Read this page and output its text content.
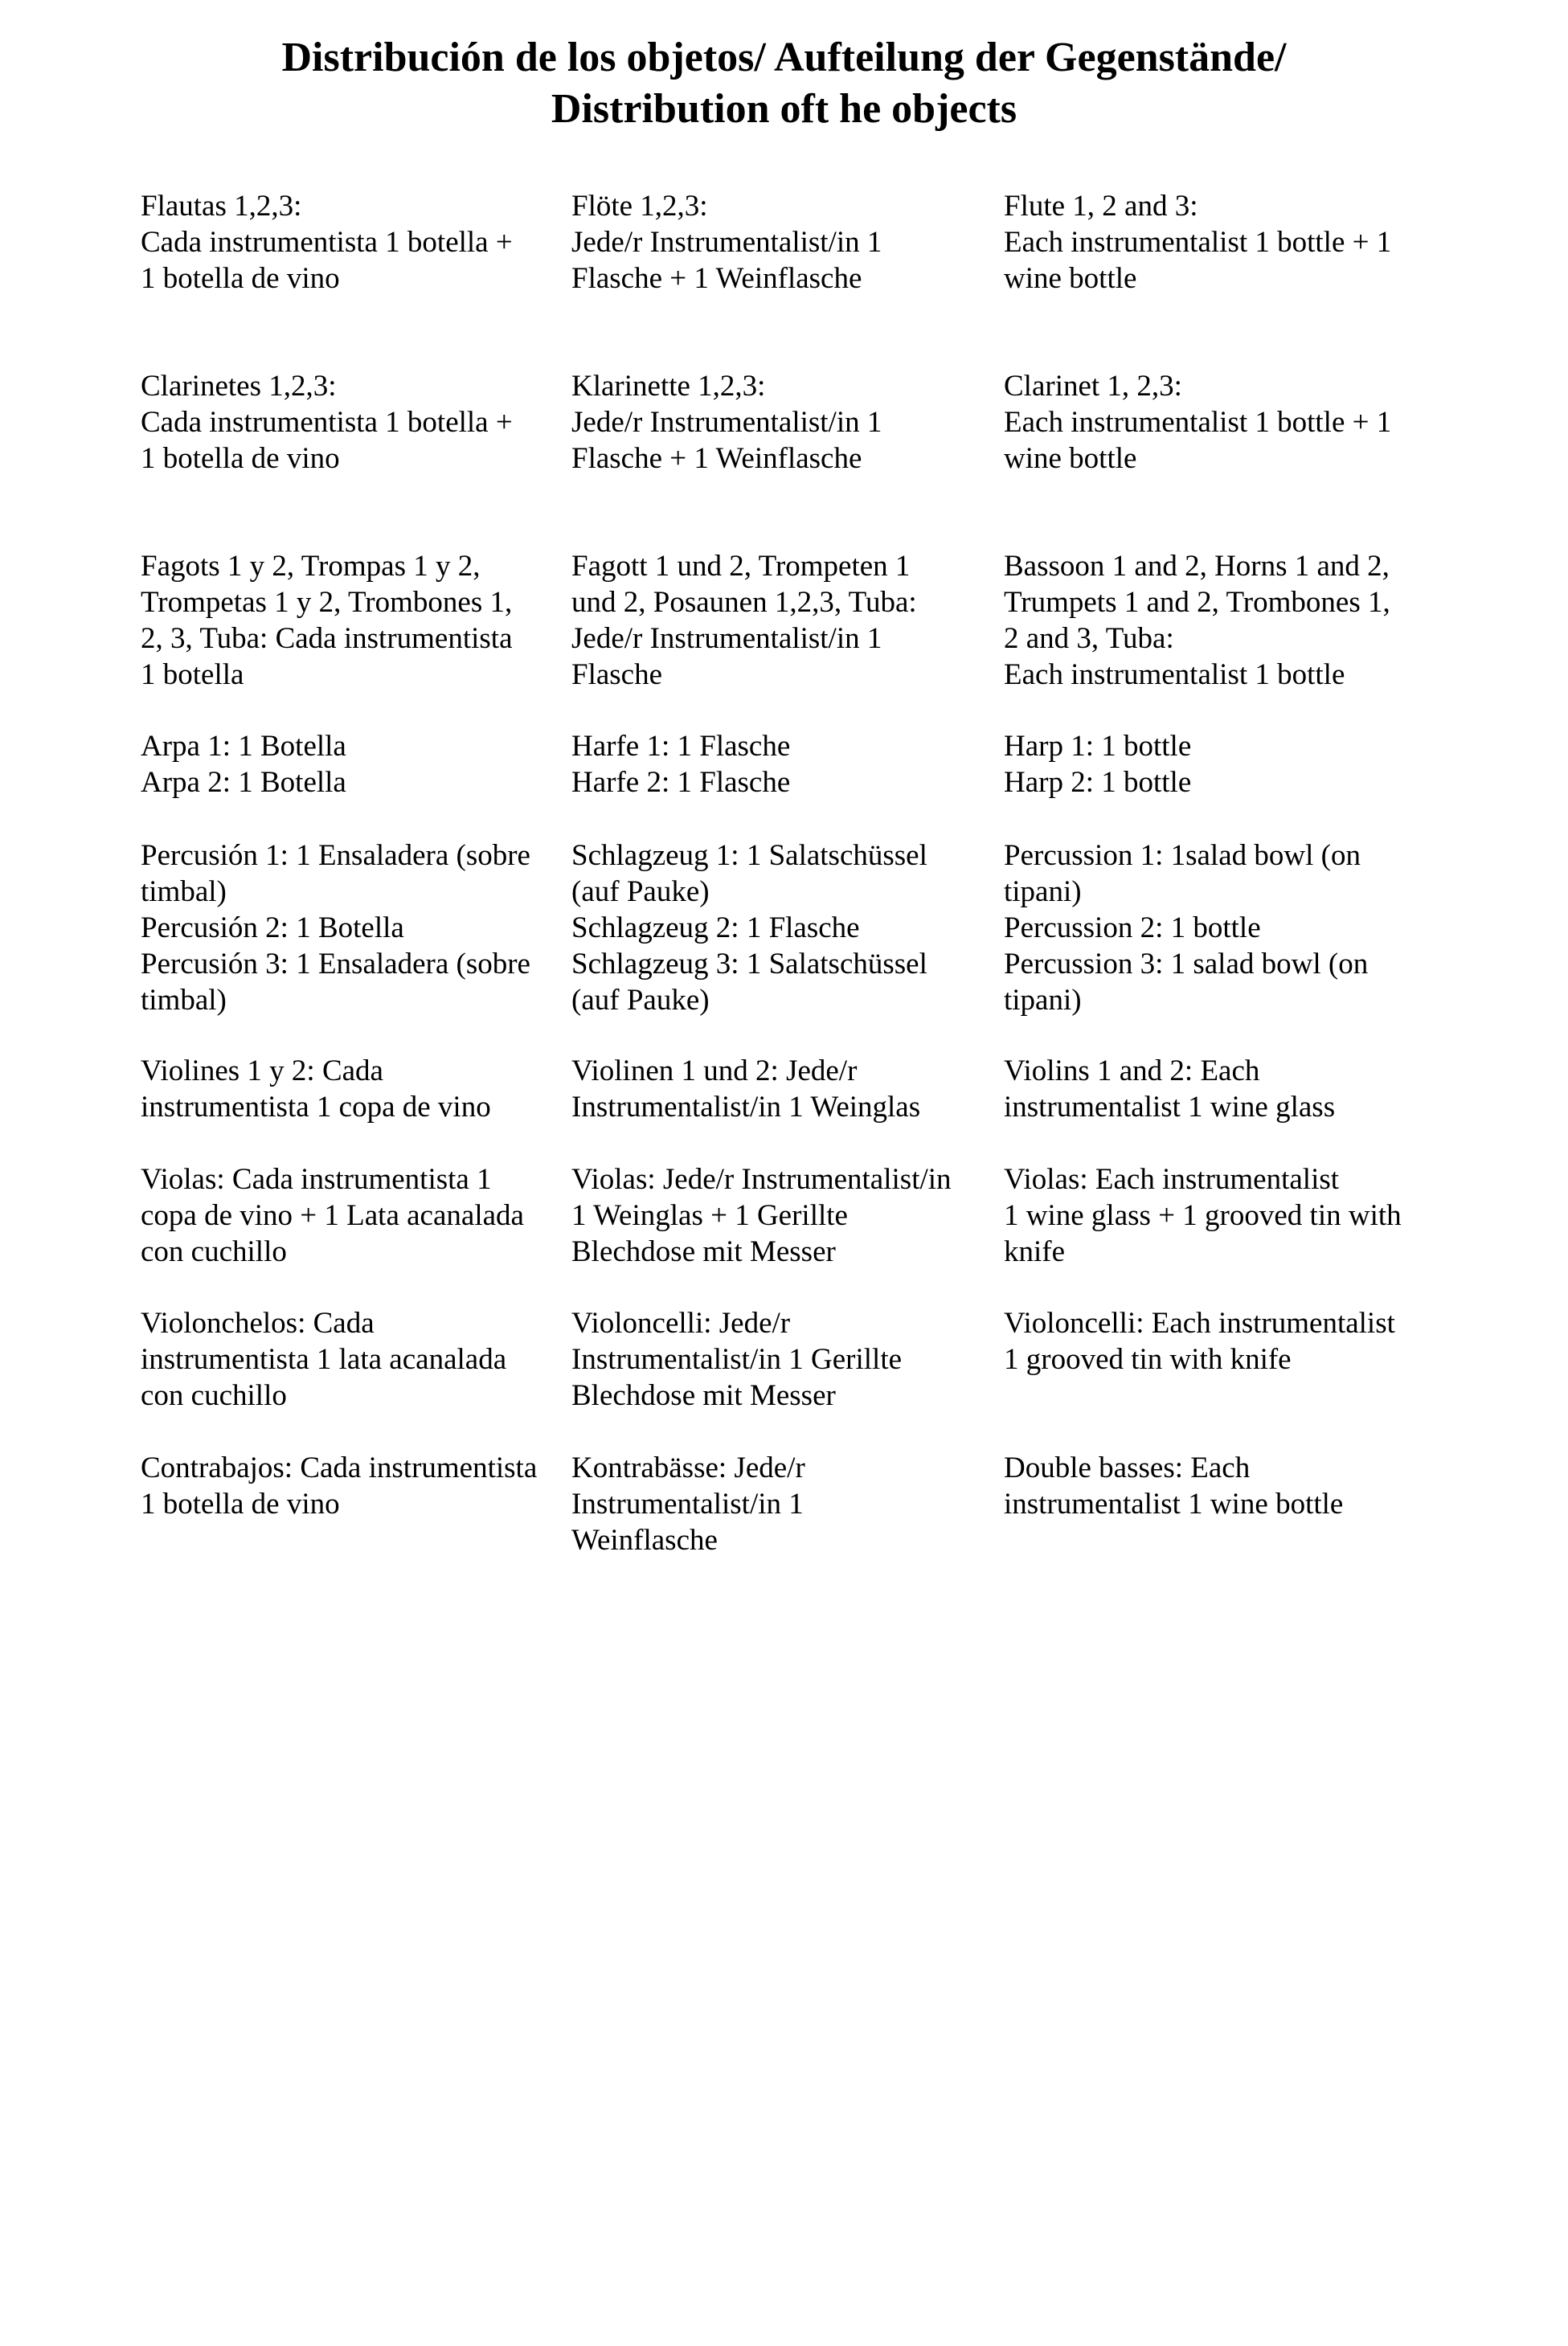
Distribución de los objetos/ Aufteilung der Gegenstände/
Distribution oft he objects
Flautas 1,2,3:
Cada instrumentista 1 botella +
1 botella de vino
Flöte 1,2,3:
Jede/r Instrumentalist/in 1
Flasche + 1 Weinflasche
Flute 1, 2 and 3:
Each instrumentalist 1 bottle + 1
wine bottle
Clarinetes 1,2,3:
Cada instrumentista 1 botella +
1 botella de vino
Klarinette 1,2,3:
Jede/r Instrumentalist/in 1
Flasche + 1 Weinflasche
Clarinet 1, 2,3:
Each instrumentalist 1 bottle + 1
wine bottle
Fagots 1 y 2, Trompas 1 y 2,
Trompetas 1 y 2, Trombones 1,
2, 3, Tuba: Cada instrumentista
1 botella
Fagott 1 und 2, Trompeten 1
und 2, Posaunen 1,2,3, Tuba:
Jede/r Instrumentalist/in 1
Flasche
Bassoon 1 and 2, Horns 1 and 2,
Trumpets 1 and 2, Trombones 1,
2 and 3, Tuba:
Each instrumentalist 1 bottle
Arpa 1: 1 Botella
Arpa 2: 1 Botella
Harfe 1: 1 Flasche
Harfe 2: 1 Flasche
Harp 1: 1 bottle
Harp 2: 1 bottle
Percusión 1: 1 Ensaladera (sobre
timbal)
Percusión 2: 1 Botella
Percusión 3: 1 Ensaladera (sobre
timbal)
Schlagzeug 1: 1 Salatschüssel
(auf Pauke)
Schlagzeug 2: 1 Flasche
Schlagzeug 3: 1 Salatschüssel
(auf Pauke)
Percussion 1: 1salad bowl (on
tipani)
Percussion 2: 1 bottle
Percussion 3: 1 salad bowl (on
tipani)
Violines 1 y 2: Cada
instrumentista 1 copa de vino
Violinen 1 und 2: Jede/r
Instrumentalist/in 1 Weinglas
Violins 1 and 2: Each
instrumentalist 1 wine glass
Violas: Cada instrumentista 1
copa de vino + 1 Lata acanalada
con cuchillo
Violas: Jede/r Instrumentalist/in
1 Weinglas + 1 Gerillte
Blechdose mit Messer
Violas: Each instrumentalist
1 wine glass + 1 grooved tin with
knife
Violonchelos: Cada
instrumentista 1 lata acanalada
con cuchillo
Violoncelli: Jede/r
Instrumentalist/in 1 Gerillte
Blechdose mit Messer
Violoncelli: Each instrumentalist
1 grooved tin with knife
Contrabajos: Cada instrumentista
1 botella de vino
Kontrabässe: Jede/r
Instrumentalist/in 1
Weinflasche
Double basses: Each
instrumentalist 1 wine bottle
